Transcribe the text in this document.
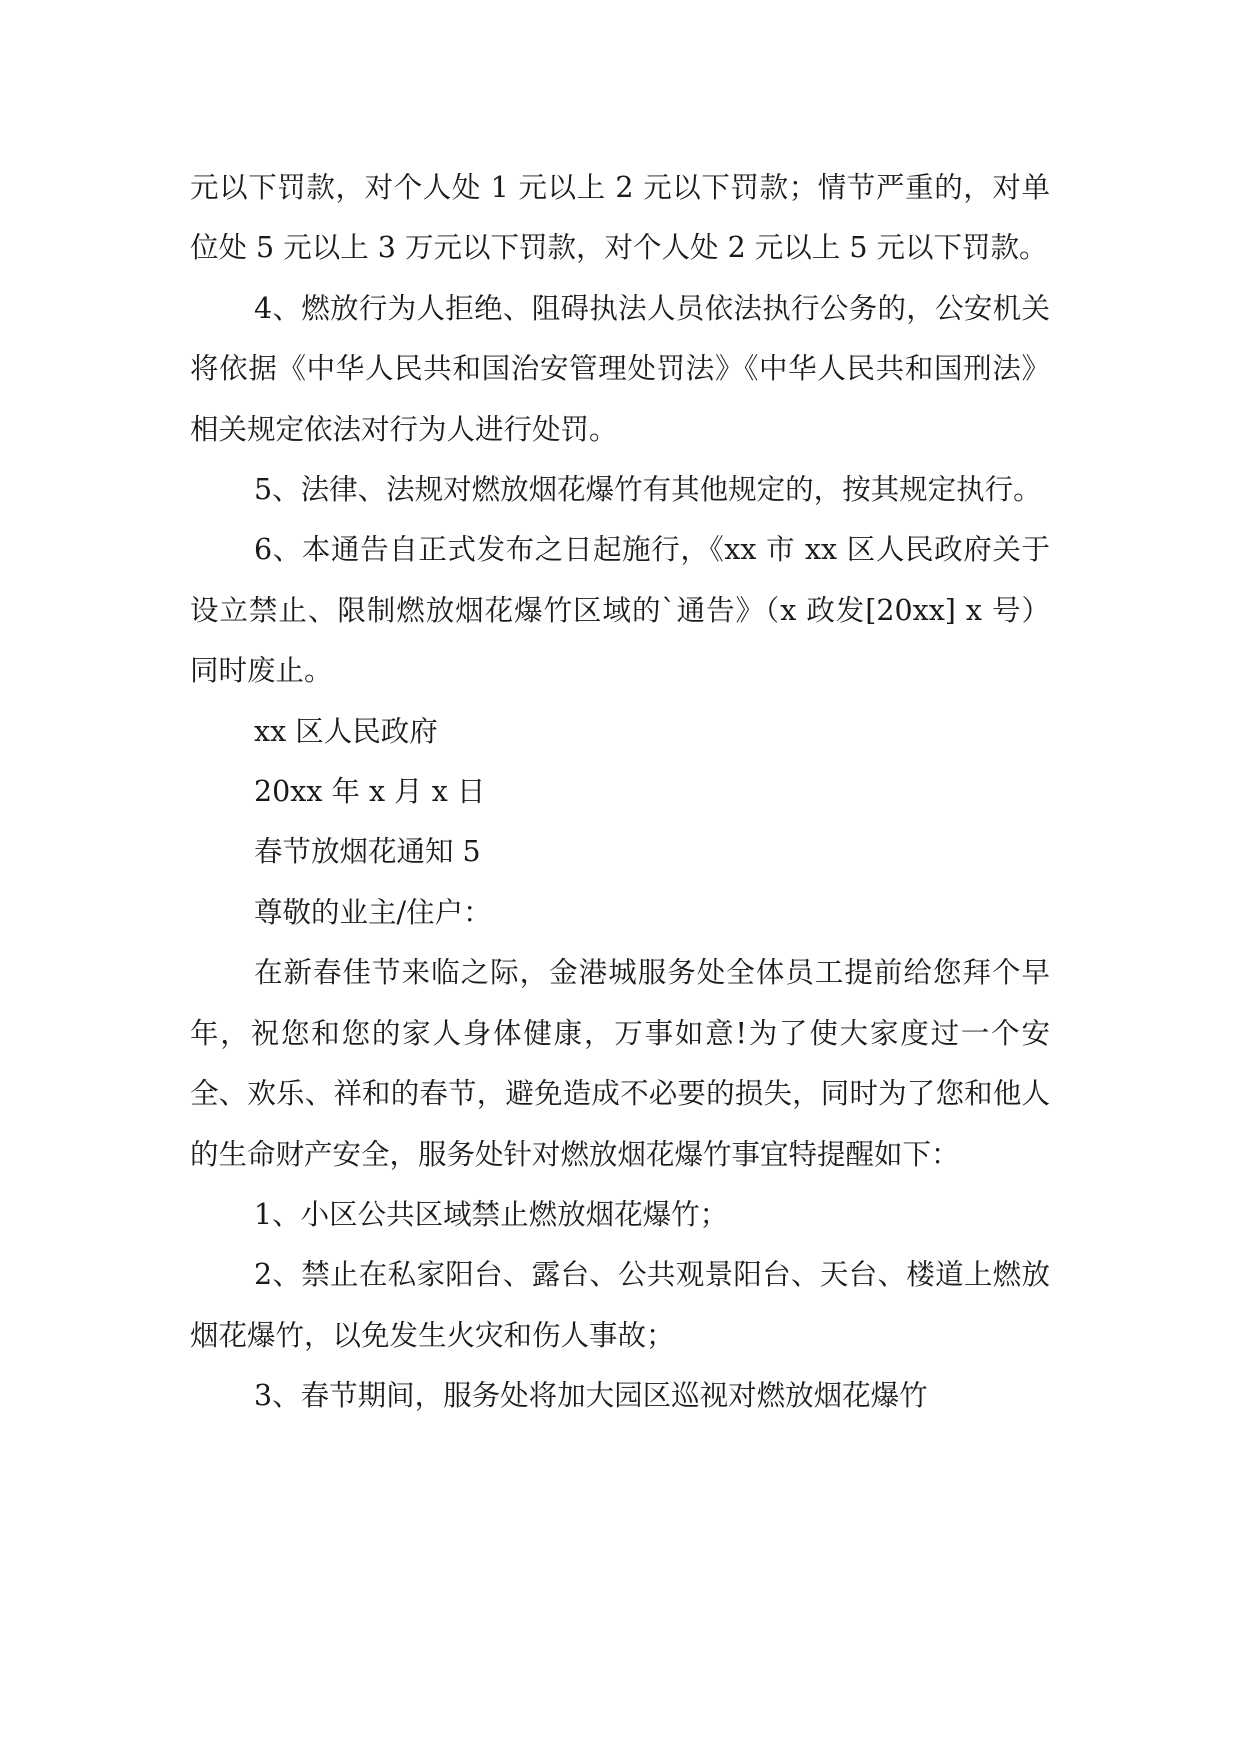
元以下罚款，对个人处 1 元以上 2 元以下罚款；情节严重的，对单位处 5 元以上 3 万元以下罚款，对个人处 2 元以上 5 元以下罚款。

4、燃放行为人拒绝、阻碍执法人员依法执行公务的，公安机关将依据《中华人民共和国治安管理处罚法》《中华人民共和国刑法》相关规定依法对行为人进行处罚。

5、法律、法规对燃放烟花爆竹有其他规定的，按其规定执行。

6、本通告自正式发布之日起施行，《xx 市 xx 区人民政府关于设立禁止、限制燃放烟花爆竹区域的`通告》（x 政发[20xx] x 号）同时废止。

xx 区人民政府

20xx 年 x 月 x 日

春节放烟花通知 5

尊敬的业主/住户：

在新春佳节来临之际，金港城服务处全体员工提前给您拜个早年，祝您和您的家人身体健康，万事如意!为了使大家度过一个安全、欢乐、祥和的春节，避免造成不必要的损失，同时为了您和他人的生命财产安全，服务处针对燃放烟花爆竹事宜特提醒如下：

1、小区公共区域禁止燃放烟花爆竹；

2、禁止在私家阳台、露台、公共观景阳台、天台、楼道上燃放烟花爆竹，以免发生火灾和伤人事故；

3、春节期间，服务处将加大园区巡视对燃放烟花爆竹
